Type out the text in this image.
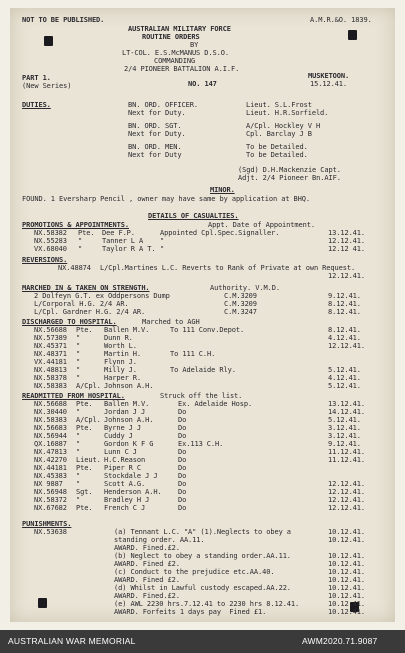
NOT TO BE PUBLISHED.	A.M.R.&O. 1839.
AUSTRALIAN MILITARY FORCE
ROUTINE ORDERS
BY
LT-COL. E.S.McMANUS D.S.O.
COMMANDING
2/4 PIONEER BATTALION A.I.F.
PART 1.
(New Series)	NO. 147
MUSKETOON.
15.12.41.
DUTIES.	BN. ORD. OFFICER.	Lieut. S.L.Frost
Next for Duty.	Lieut. H.R.Sorfield.
BN. ORD. SGT.	A/Cpl. Hockley V H
Next for Duty.	Cpl. Barclay J B
BN. ORD. MEN.	To be Detailed.
Next for Duty	To be Detailed.
(Sgd) D.H.Mackenzie Capt.
Adjt. 2/4 Pioneer Bn.AIF.
MINOR.
FOUND. 1 Eversharp Pencil , owner may have same by application at BHQ.
DETAILS OF CASUALTIES.
PROMOTIONS & APPOINTMENTS.	Appt. Date of Appointment.
NX.58382 Pte. Dee F.P.	Appointed Cpl.Spec.Signaller.	13.12.41.
NX.55283 "	Tanner L A "	12.12.41.
VX.68040 "	Taylor R A T. "	12.12 41.
REVERSIONS.
NX.48874 L/Cpl.Martines L.C. Reverts to Rank of Private at own Request.
12.12.41.
MARCHED IN & TAKEN ON STRENGTH.	Authority. V.M.D.
2 Dolfeyn G.T. ex Oddpersons Dump	C.M.3209	9.12.41.
L/Corporal H.G. 2/4 AR.	C.M.3209	8.12.41.
L/Cpl. Gardner H.G. 2/4 AR.	C.M.3247	8.12.41.
DISCHARGED TO HOSPITAL.	Marched to AGH
NX.56688 Pte. Ballen M.V.	To 111 Conv.Depot.	8.12.41.
NX.57389 "	Dunn R.	4.12.41.
NX.45371 "	Worth L.	12.12.41.
NX.48371 "	Martin H.	To 111 C.H.
VX.44181 "	Flynn J.
NX.48813 "	Milly J.	To Adelaide Rly.	5.12.41.
NX.58378 "	Harper R.	4.12.41.
NX.58383 A/Cpl. Johnson A.H.	5.12.41.
READMITTED FROM HOSPITAL.	Struck off the list.
NX.56688 Pte. Ballen M.V.	Ex. Adelaide Hosp.	13.12.41.
NX.30440 "	Jordan J J	Do	14.12.41.
NX.58383 A/Cpl. Johnson A.H.	Do	5.12.41.
NX.56683 Pte. Byrne J J	Do	3.12.41.
NX.56944 "	Cuddy J	Do	3.12.41.
QX.16887 "	Gordon K F G	Ex.113 C.H.	9.12.41.
NX.47813 "	Lunn C J	Do	11.12.41.
NX.42270 Lieut. H.C.Reason	Do	11.12.41.
NX.44181 Pte. Piper R C	Do
NX.45383 "	Stockdale J J	Do
NX 9887 "	Scott A.G.	Do	12.12.41.
NX.56948 Sgt. Henderson A.H. Do	12.12.41.
NX.58372 "	Bradley H J	Do	12.12.41.
NX.67682 Pte. French C J	Do	12.12.41.
PUNISHMENTS.
NX.53638	(a) Tennant L.C. "A" (1).Neglects to obey a	10.12.41.
standing order. AA.11.	10.12.41.
AWARD. Fined.£2.
(b) Neglect to obey a standing order.AA.11.	10.12.41.
AWARD. Fined £2.	10.12.41.
(c) Conduct to the prejudice etc.AA.40.	10.12.41.
AWARD. Fined £2.	10.12.41.
(d) Whilst in Lawful custody escaped.AA.22.	10.12.41.
AWARD. Fined.£2.	10.12.41.
(e) AWL 2230 hrs.7.12.41 to 2230 hrs 8.12.41.	10.12.41.
AWARD. Forfeits 1 days pay  Fined £1.	10.12.41.
AUSTRALIAN WAR MEMORIAL	AWM2020.71.9087
